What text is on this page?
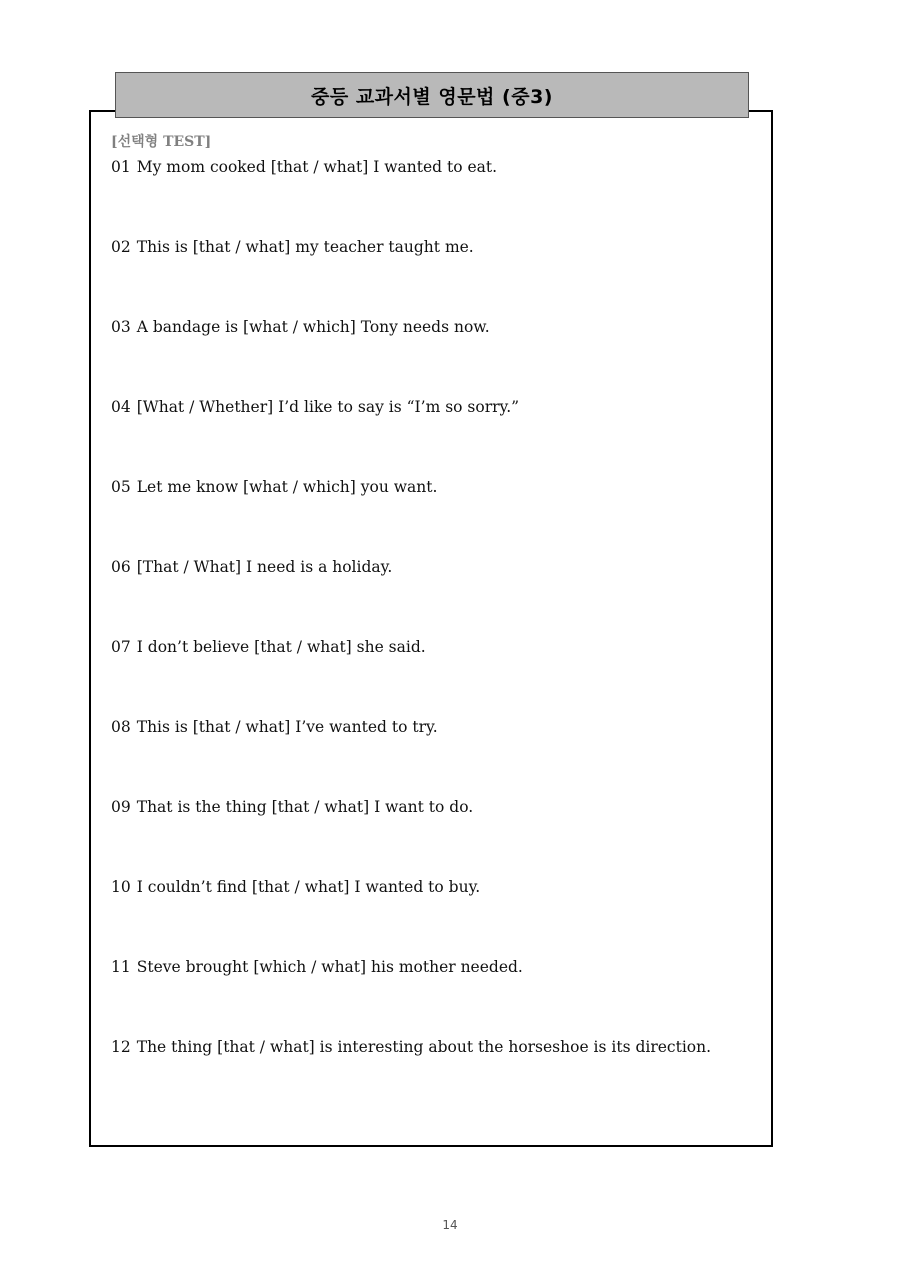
중등 교과서별 영문법 (중3)
[선택형 TEST]
01 My mom cooked [that / what] I wanted to eat.
02 This is [that / what] my teacher taught me.
03 A bandage is [what / which] Tony needs now.
04 [What / Whether] I’d like to say is “I’m so sorry.”
05 Let me know [what / which] you want.
06 [That / What] I need is a holiday.
07 I don’t believe [that / what] she said.
08 This is [that / what] I’ve wanted to try.
09 That is the thing [that / what] I want to do.
10 I couldn’t find [that / what] I wanted to buy.
11 Steve brought [which / what] his mother needed.
12 The thing [that / what] is interesting about the horseshoe is its direction.
14
